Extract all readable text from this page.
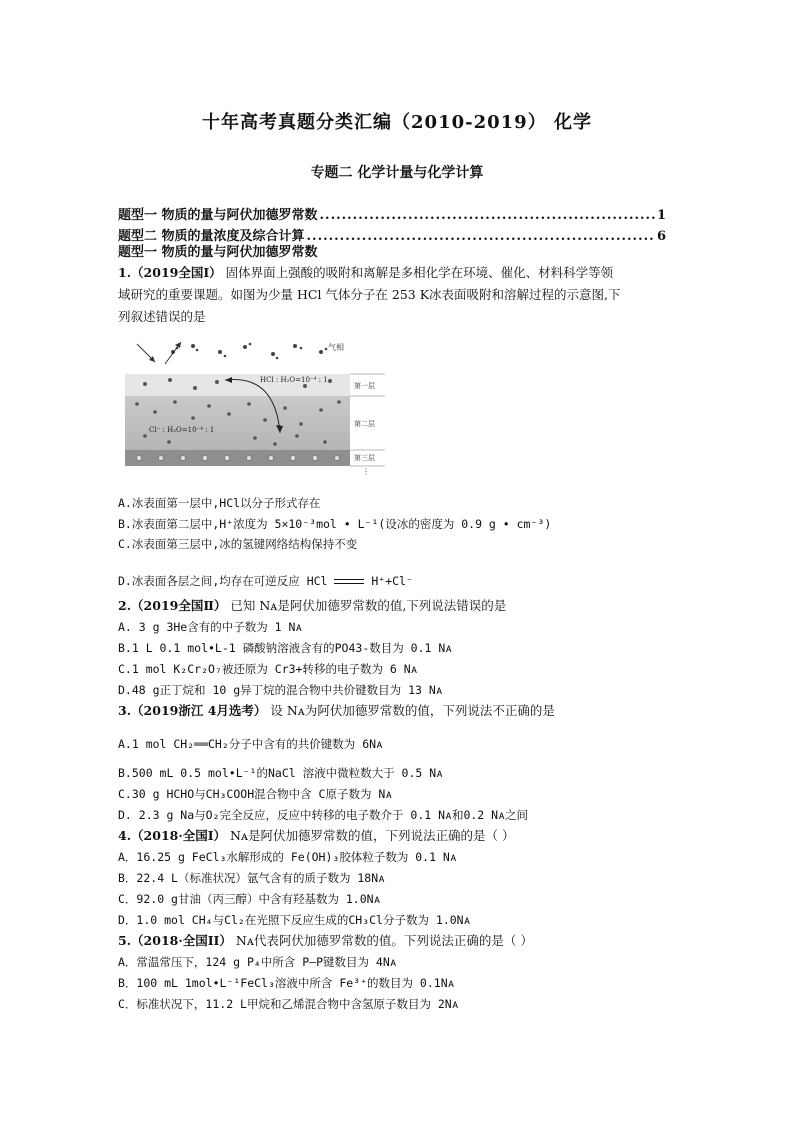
十年高考真题分类汇编（2010-2019） 化学
专题二 化学计量与化学计算
题型一 物质的量与阿伏加德罗常数 .....	1
题型二 物质的量浓度及综合计算 .....	6
题型一 物质的量与阿伏加德罗常数
1.（2019全国Ⅰ） 固体界面上强酸的吸附和离解是多相化学在环境、催化、材料科学等领
域研究的重要课题。如图为少量 HCl 气体分子在 253 K冰表面吸附和溶解过程的示意图,下
列叙述错误的是
HCl : H₂O=10⁻⁴ : 1
Cl⁻ : H₂O=10⁻⁴ : 1
气相
第一层
第二层
第三层
⋮
A.冰表面第一层中,HCl以分子形式存在
B.冰表面第二层中,H⁺浓度为 5×10⁻³mol • L⁻¹(设冰的密度为 0.9 g • cm⁻³)
C.冰表面第三层中,冰的氢键网络结构保持不变
D.冰表面各层之间,均存在可逆反应 HCl	H⁺+Cl⁻
2.（2019全国Ⅱ） 已知 Nᴀ是阿伏加德罗常数的值,下列说法错误的是
A. 3 g 3He含有的中子数为 1 Nᴀ
B.1 L 0.1 mol•L-1 磷酸钠溶液含有的PO43-数目为 0.1 Nᴀ
C.1 mol K₂Cr₂O₇被还原为 Cr3+转移的电子数为 6 Nᴀ
D.48 g正丁烷和 10 g异丁烷的混合物中共价键数目为 13 Nᴀ
3.（2019浙江 4月选考） 设 Nᴀ为阿伏加德罗常数的值，下列说法不正确的是
A.1 mol CH₂══CH₂分子中含有的共价键数为 6Nᴀ
B.500 mL 0.5 mol•L⁻¹的NaCl 溶液中微粒数大于 0.5 Nᴀ
C.30 g HCHO与CH₃COOH混合物中含 C原子数为 Nᴀ
D. 2.3 g Na与O₂完全反应，反应中转移的电子数介于 0.1 Nᴀ和0.2 Nᴀ之间
4.（2018·全国I） Nᴀ是阿伏加德罗常数的值，下列说法正确的是（ ）
A．16.25 g FeCl₃水解形成的 Fe(OH)₃胶体粒子数为 0.1 Nᴀ
B．22.4 L（标准状况）氩气含有的质子数为 18Nᴀ
C．92.0 g甘油（丙三醇）中含有羟基数为 1.0Nᴀ
D．1.0 mol CH₄与Cl₂在光照下反应生成的CH₃Cl分子数为 1.0Nᴀ
5.（2018·全国II） Nᴀ代表阿伏加德罗常数的值。下列说法正确的是（ ）
A．常温常压下，124 g P₄中所含 P—P键数目为 4Nᴀ
B．100 mL 1mol•L⁻¹FeCl₃溶液中所含 Fe³⁺的数目为 0.1Nᴀ
C．标准状况下，11.2 L甲烷和乙烯混合物中含氢原子数目为 2Nᴀ
